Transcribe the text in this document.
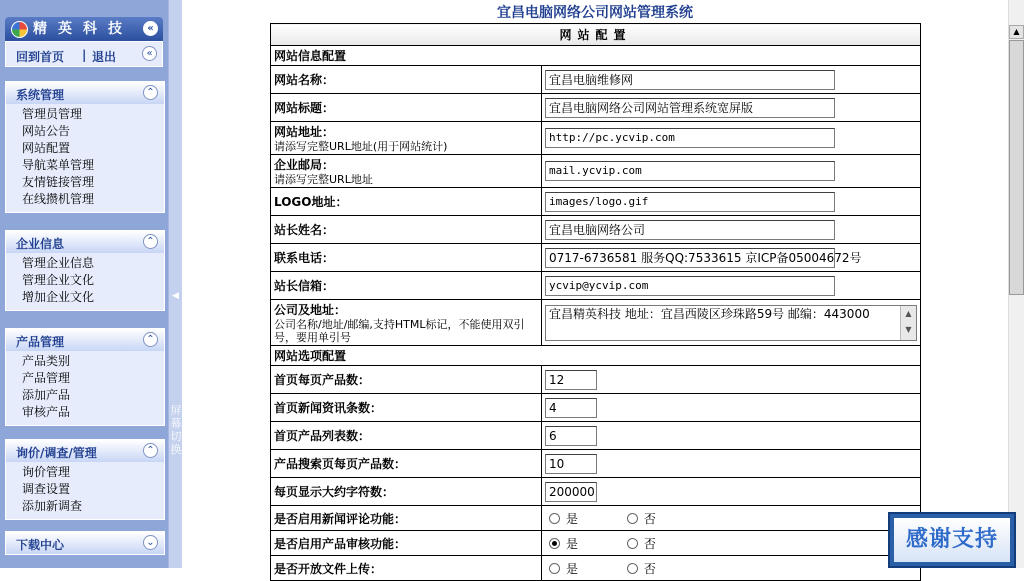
精英科技	«
回到首页 | 退出	«
系统管理	⌃
管理员管理
网站公告
网站配置
导航菜单管理
友情链接管理
在线攒机管理
企业信息	⌃
管理企业信息
管理企业文化
增加企业文化
产品管理	⌃
产品类别
产品管理
添加产品
审核产品
询价/调查/管理	⌃
询价管理
调查设置
添加新调查
下载中心	⌄
◀
屏幕切换
宜昌电脑网络公司网站管理系统
网站配置	
网站信息配置	
网站名称：	宜昌电脑维修网
网站标题：	宜昌电脑网络公司网站管理系统宽屏版
网站地址：
请添写完整URL地址(用于网站统计)	http://pc.ycvip.com
企业邮局：
请添写完整URL地址	mail.ycvip.com
LOGO地址：	images/logo.gif
站长姓名：	宜昌电脑网络公司
联系电话：	0717-6736581 服务QQ:7533615 京ICP备05004672号
站长信箱：	ycvip@ycvip.com
公司及地址：
公司名称/地址/邮编,支持HTML标记，不能使用双引号，要用单引号	宜昌精英科技 地址：宜昌西陵区珍珠路59号 邮编：443000 ▲
▼

网站选项配置	
首页每页产品数：	12
首页新闻资讯条数：	4
首页产品列表数：	6
产品搜索页每页产品数：	10
每页显示大约字符数：	200000
是否启用新闻评论功能：	是 否
是否启用产品审核功能：	是 否
是否开放文件上传：	是 否
▲
感谢支持
